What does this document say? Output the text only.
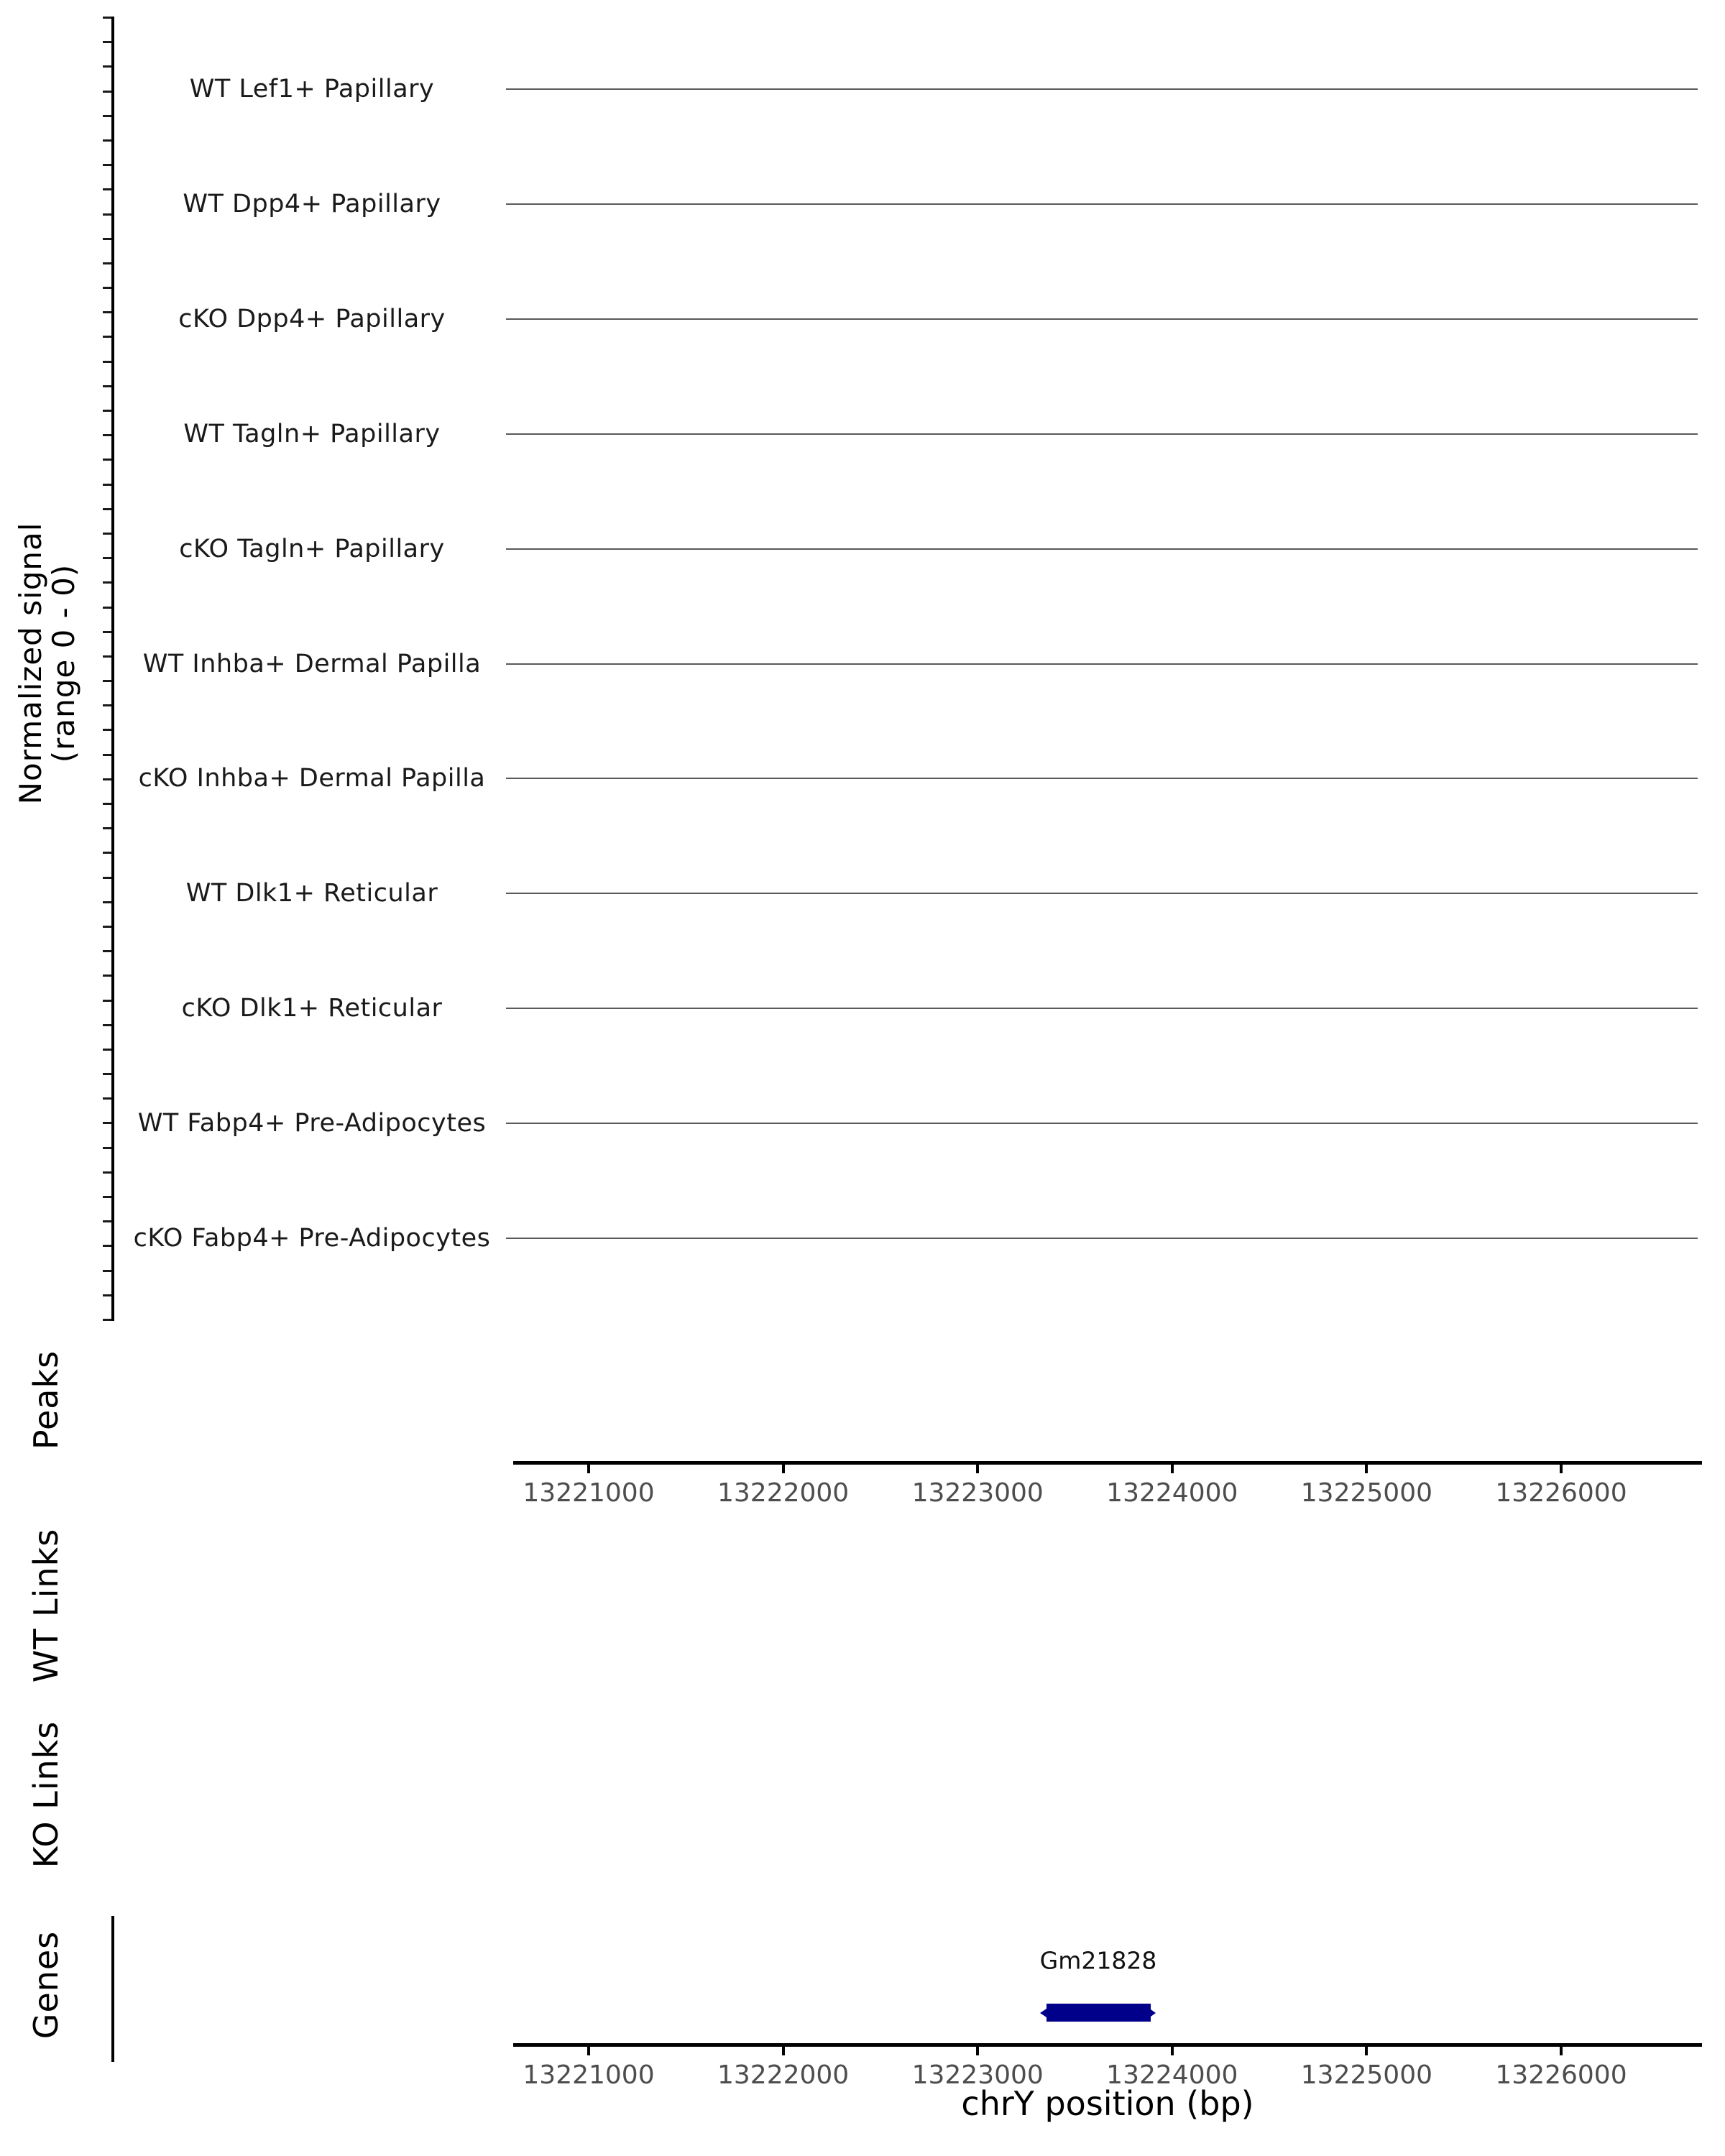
Normalized signal
(range 0 - 0)
WT Lef1+ Papillary
WT Dpp4+ Papillary
cKO Dpp4+ Papillary
WT Tagln+ Papillary
cKO Tagln+ Papillary
WT Inhba+ Dermal Papilla
cKO Inhba+ Dermal Papilla
WT Dlk1+ Reticular
cKO Dlk1+ Reticular
WT Fabp4+ Pre-Adipocytes
cKO Fabp4+ Pre-Adipocytes
Peaks
WT Links
KO Links
Genes
13221000 13222000 13223000 13224000 13225000 13226000
Gm21828
13221000 13222000 13223000 13224000 13225000 13226000
chrY position (bp)
